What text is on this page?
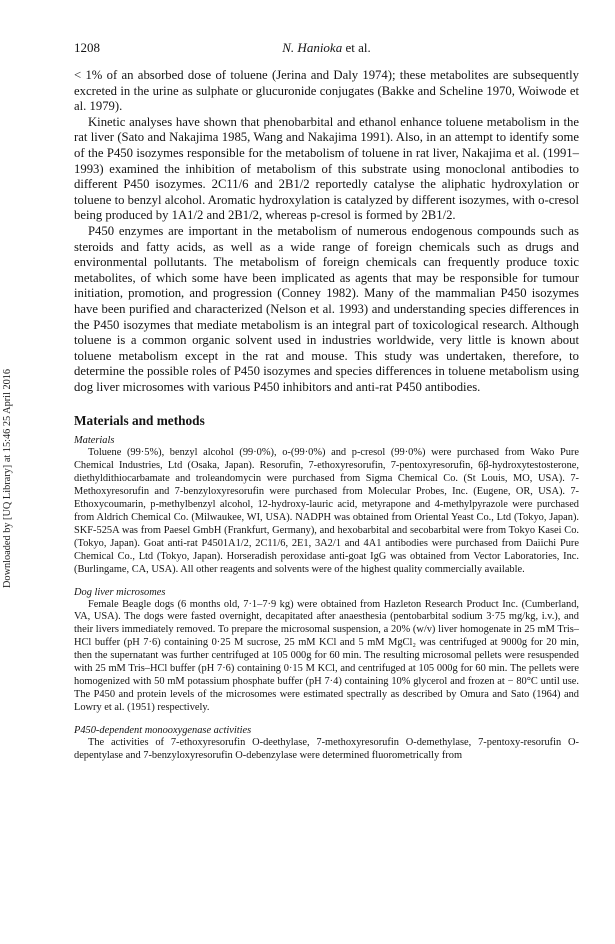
1208	N. Hanioka et al.
Downloaded by [UQ Library] at 15:46 25 April 2016

< 1% of an absorbed dose of toluene (Jerina and Daly 1974); these metabolites are subsequently excreted in the urine as sulphate or glucuronide conjugates (Bakke and Scheline 1970, Woiwode et al. 1979).

Kinetic analyses have shown that phenobarbital and ethanol enhance toluene metabolism in the rat liver (Sato and Nakajima 1985, Wang and Nakajima 1991). Also, in an attempt to identify some of the P450 isozymes responsible for the metabolism of toluene in rat liver, Nakajima et al. (1991–1993) examined the inhibition of metabolism of this substrate using monoclonal antibodies to different P450 isozymes. 2C11/6 and 2B1/2 reportedly catalyse the aliphatic hydroxylation or toluene to benzyl alcohol. Aromatic hydroxylation is catalyzed by different isozymes, with o-cresol being produced by 1A1/2 and 2B1/2, whereas p-cresol is formed by 2B1/2.

P450 enzymes are important in the metabolism of numerous endogenous compounds such as steroids and fatty acids, as well as a wide range of foreign chemicals such as drugs and environmental pollutants. The metabolism of foreign chemicals can frequently produce toxic metabolites, of which some have been implicated as agents that may be responsible for tumour initiation, promotion, and progression (Conney 1982). Many of the mammalian P450 isozymes have been purified and characterized (Nelson et al. 1993) and understanding species differences in the P450 isozymes that mediate metabolism is an integral part of toxicological research. Although toluene is a common organic solvent used in industries worldwide, very little is known about toluene metabolism except in the rat and mouse. This study was undertaken, therefore, to determine the possible roles of P450 isozymes and species differences in toluene metabolism using dog liver microsomes with various P450 inhibitors and anti-rat P450 antibodies.

Materials and methods
Materials

Toluene (99·5%), benzyl alcohol (99·0%), o-(99·0%) and p-cresol (99·0%) were purchased from Wako Pure Chemical Industries, Ltd (Osaka, Japan). Resorufin, 7-ethoxyresorufin, 7-pentoxyresorufin, 6β-hydroxytestosterone, diethyldithiocarbamate and troleandomycin were purchased from Sigma Chemical Co. (St Louis, MO, USA). 7-Methoxyresorufin and 7-benzyloxyresorufin were purchased from Molecular Probes, Inc. (Eugene, OR, USA). 7-Ethoxycoumarin, p-methylbenzyl alcohol, 12-hydroxy-lauric acid, metyrapone and 4-methylpyrazole were purchased from Aldrich Chemical Co. (Milwaukee, WI, USA). NADPH was obtained from Oriental Yeast Co., Ltd (Tokyo, Japan). SKF-525A was from Paesel GmbH (Frankfurt, Germany), and hexobarbital and secobarbital were from Tokyo Kasei Co. (Tokyo, Japan). Goat anti-rat P4501A1/2, 2C11/6, 2E1, 3A2/1 and 4A1 antibodies were purchased from Daiichi Pure Chemical Co., Ltd (Tokyo, Japan). Horseradish peroxidase anti-goat IgG was obtained from Vector Laboratories, Inc. (Burlingame, CA, USA). All other reagents and solvents were of the highest quality commercially available.

Dog liver microsomes

Female Beagle dogs (6 months old, 7·1–7·9 kg) were obtained from Hazleton Research Product Inc. (Cumberland, VA, USA). The dogs were fasted overnight, decapitated after anaesthesia (pentobarbital sodium 3·75 mg/kg, i.v.), and their livers immediately removed. To prepare the microsomal suspension, a 20% (w/v) liver homogenate in 25 mM Tris–HCl buffer (pH 7·6) containing 0·25 M sucrose, 25 mM KCl and 5 mM MgCl₂ was centrifuged at 9000g for 20 min, then the supernatant was further centrifuged at 105 000g for 60 min. The resulting microsomal pellets were resuspended with 25 mM Tris–HCl buffer (pH 7·6) containing 0·15 M KCl, and centrifuged at 105 000g for 60 min. The pellets were homogenized with 50 mM potassium phosphate buffer (pH 7·4) containing 10% glycerol and frozen at − 80°C until use. The P450 and protein levels of the microsomes were estimated spectrally as described by Omura and Sato (1964) and Lowry et al. (1951) respectively.

P450-dependent monooxygenase activities

The activities of 7-ethoxyresorufin O-deethylase, 7-methoxyresorufin O-demethylase, 7-pentoxy-resorufin O-depentylase and 7-benzyloxyresorufin O-debenzylase were determined fluorometrically from
